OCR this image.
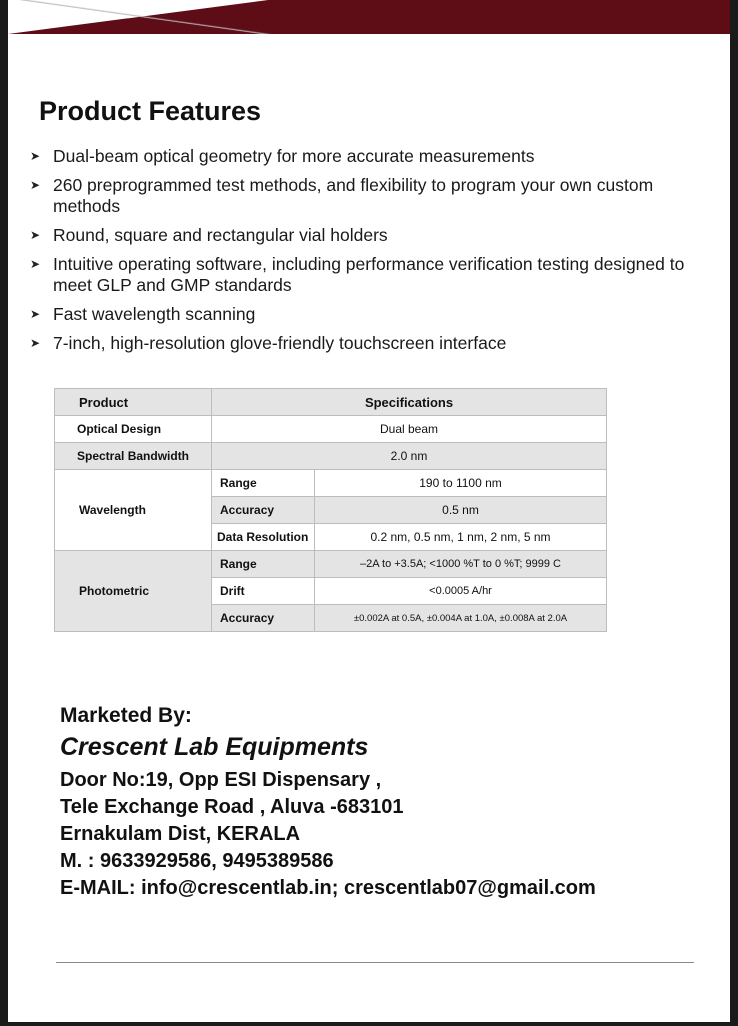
Product Features
➤ Dual-beam optical geometry for more accurate measurements
➤ 260 preprogrammed test methods, and flexibility to program your own custom methods
➤ Round, square and rectangular vial holders
➤ Intuitive operating software, including performance verification testing designed to meet GLP and GMP standards
➤ Fast wavelength scanning
➤ 7-inch, high-resolution glove-friendly touchscreen interface
Product	Specifications	
Optical Design	Dual beam	
Spectral Bandwidth	2.0 nm	
Wavelength	Range	190 to 1100 nm
	Accuracy	0.5 nm
	Data Resolution	0.2 nm, 0.5 nm, 1 nm, 2 nm, 5 nm
Photometric	Range	–2A to +3.5A; <1000 %T to 0 %T; 9999 C
	Drift	<0.0005 A/hr
	Accuracy	±0.002A at 0.5A, ±0.004A at 1.0A, ±0.008A at 2.0A
Marketed By:
Crescent Lab Equipments
Door No:19, Opp ESI Dispensary ,
Tele Exchange Road , Aluva -683101
Ernakulam Dist, KERALA
M. : 9633929586, 9495389586
E-MAIL: info@crescentlab.in; crescentlab07@gmail.com
